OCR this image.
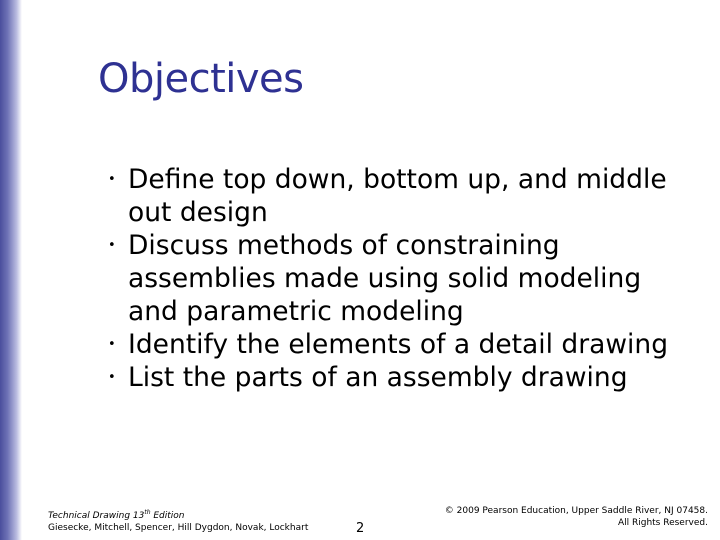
Objectives
• Define top down, bottom up, and middle out design
• Discuss methods of constraining assemblies made using solid modeling and parametric modeling
• Identify the elements of a detail drawing
• List the parts of an assembly drawing
Technical Drawing 13th Edition
Giesecke, Mitchell, Spencer, Hill Dygdon, Novak, Lockhart	2
© 2009 Pearson Education, Upper Saddle River, NJ 07458.
All Rights Reserved.
